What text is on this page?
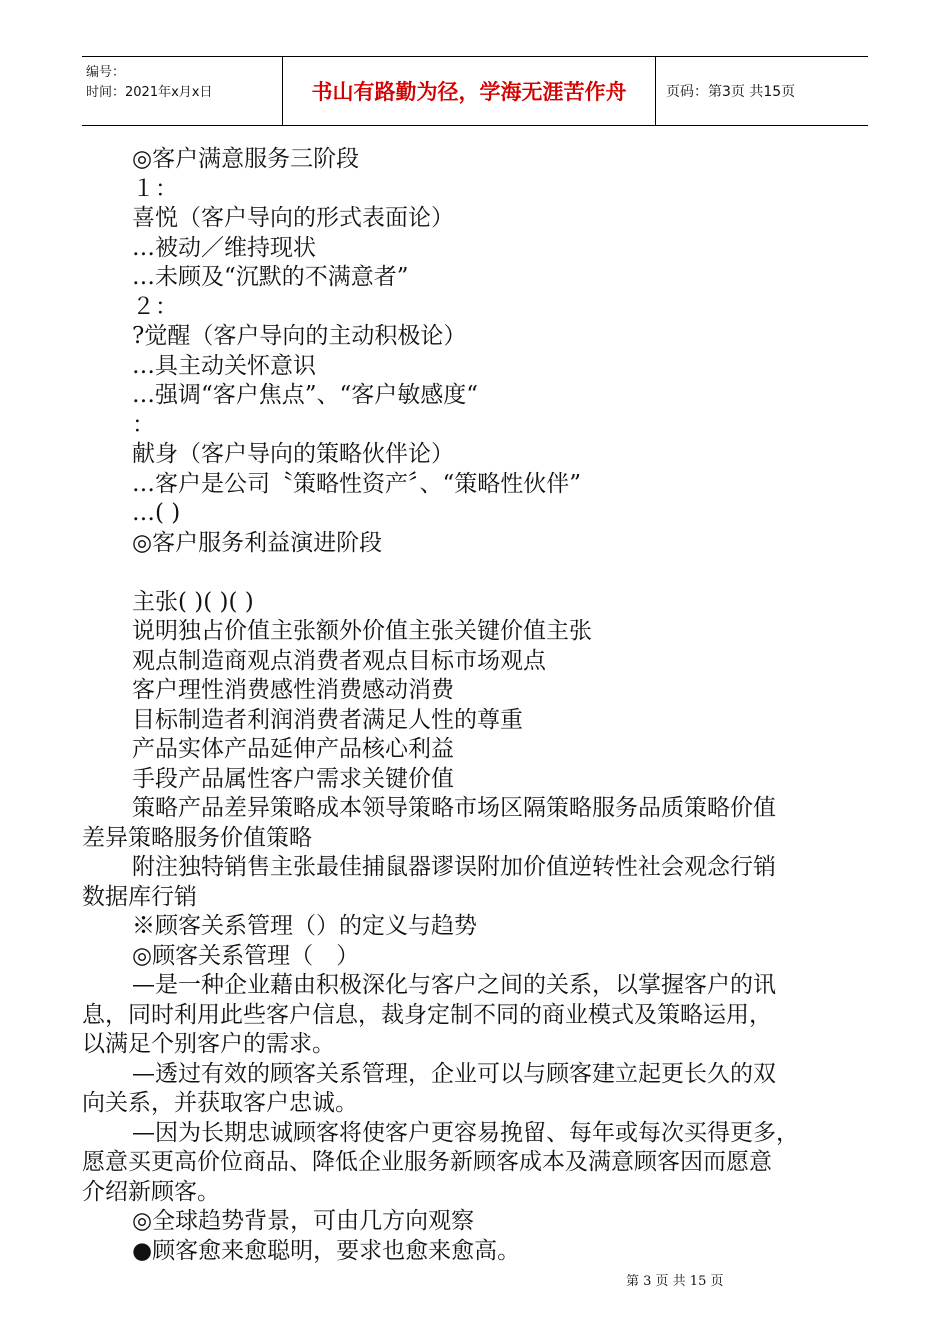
编号：
时间：2021年x月x日	书山有路勤为径，学海无涯苦作舟	页码：第3页 共15页
◎客户满意服务三阶段
１：
喜悦（客户导向的形式表面论）
…被动／维持现状
…未顾及“沉默的不满意者”
２：
?觉醒（客户导向的主动积极论）
…具主动关怀意识
…强调“客户焦点”、“客户敏感度“
：
献身（客户导向的策略伙伴论）
…客户是公司〝策略性资产〞、“策略性伙伴”
…( )
◎客户服务利益演进阶段
主张( )( )( )
说明独占价值主张额外价值主张关键价值主张
观点制造商观点消费者观点目标市场观点
客户理性消费感性消费感动消费
目标制造者利润消费者满足人性的尊重
产品实体产品延伸产品核心利益
手段产品属性客户需求关键价值
策略产品差异策略成本领导策略市场区隔策略服务品质策略价值
差异策略服务价值策略
附注独特销售主张最佳捕鼠器谬误附加价值逆转性社会观念行销
数据库行销
※顾客关系管理（）的定义与趋势
◎顾客关系管理（　）
—是一种企业藉由积极深化与客户之间的关系，以掌握客户的讯
息，同时利用此些客户信息，裁身定制不同的商业模式及策略运用，
以满足个别客户的需求。
—透过有效的顾客关系管理，企业可以与顾客建立起更长久的双
向关系，并获取客户忠诚。
—因为长期忠诚顾客将使客户更容易挽留、每年或每次买得更多，
愿意买更高价位商品、降低企业服务新顾客成本及满意顾客因而愿意
介绍新顾客。
◎全球趋势背景，可由几方向观察
●顾客愈来愈聪明，要求也愈来愈高。
第 3 页 共 15 页
